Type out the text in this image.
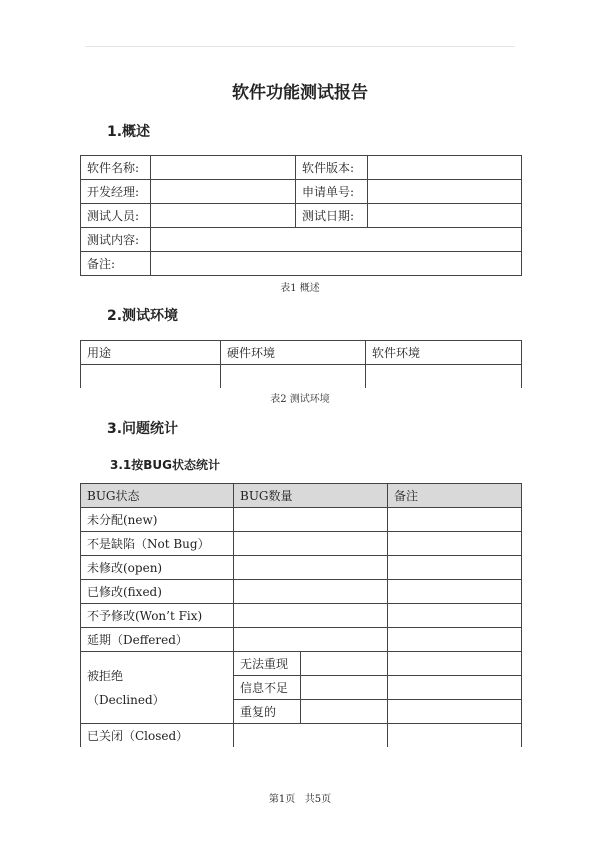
软件功能测试报告
1.概述
软件名称:		软件版本:	
开发经理:		申请单号:	
测试人员:		测试日期:	
测试内容:			
备注:			
表1 概述
2.测试环境
用途	硬件环境	软件环境

表2 测试环境
3.问题统计
3.1按BUG状态统计
BUG状态	BUG数量		备注
未分配(new)			
不是缺陷（Not Bug）			
未修改(open)			
已修改(fixed)			
不予修改(Won’t Fix)			
延期（Deffered）			

被拒绝
（Declined）	无法重现		
	信息不足		
	重复的		
已关闭（Closed）			
第1页   共5页
